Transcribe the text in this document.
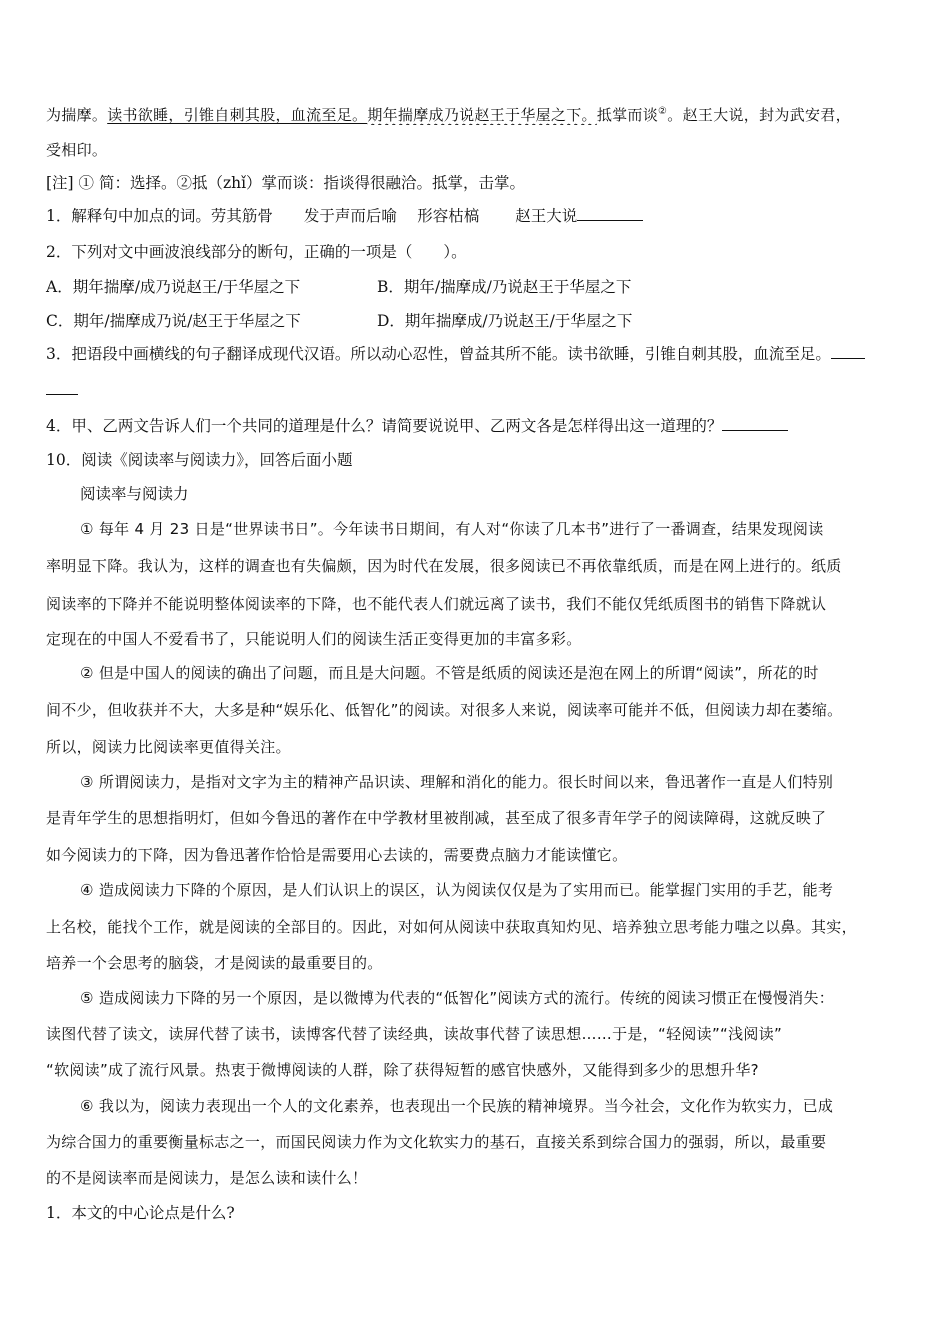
为揣摩。读书欲睡，引锥自刺其股，血流至足。期年揣摩成乃说赵王于华屋之下。抵掌而谈②。赵王大说，封为武安君，
受相印。
[注] ① 简：选择。②抵（zhǐ）掌而谈：指谈得很融洽。抵掌，击掌。
1．解释句中加点的词。劳其筋骨　　发于声而后喻　 形容枯槁　　 赵王大说
2．下列对文中画波浪线部分的断句，正确的一项是（　　）。
A．期年揣摩/成乃说赵王/于华屋之下	B．期年/揣摩成/乃说赵王于华屋之下
C．期年/揣摩成乃说/赵王于华屋之下	D．期年揣摩成/乃说赵王/于华屋之下
3．把语段中画横线的句子翻译成现代汉语。所以动心忍性，曾益其所不能。读书欲睡，引锥自刺其股，血流至足。
4．甲、乙两文告诉人们一个共同的道理是什么？请简要说说甲、乙两文各是怎样得出这一道理的？
10．阅读《阅读率与阅读力》，回答后面小题
阅读率与阅读力
① 每年 4 月 23 日是“世界读书日”。今年读书日期间，有人对“你读了几本书”进行了一番调查，结果发现阅读
率明显下降。我认为，这样的调查也有失偏颇，因为时代在发展，很多阅读已不再依靠纸质，而是在网上进行的。纸质
阅读率的下降并不能说明整体阅读率的下降，也不能代表人们就远离了读书，我们不能仅凭纸质图书的销售下降就认
定现在的中国人不爱看书了，只能说明人们的阅读生活正变得更加的丰富多彩。
② 但是中国人的阅读的确出了问题，而且是大问题。不管是纸质的阅读还是泡在网上的所谓“阅读”，所花的时
间不少，但收获并不大，大多是种“娱乐化、低智化”的阅读。对很多人来说，阅读率可能并不低，但阅读力却在萎缩。
所以，阅读力比阅读率更值得关注。
③ 所谓阅读力，是指对文字为主的精神产品识读、理解和消化的能力。很长时间以来，鲁迅著作一直是人们特别
是青年学生的思想指明灯，但如今鲁迅的著作在中学教材里被削减，甚至成了很多青年学子的阅读障碍，这就反映了
如今阅读力的下降，因为鲁迅著作恰恰是需要用心去读的，需要费点脑力才能读懂它。
④ 造成阅读力下降的个原因，是人们认识上的误区，认为阅读仅仅是为了实用而已。能掌握门实用的手艺，能考
上名校，能找个工作，就是阅读的全部目的。因此，对如何从阅读中获取真知灼见、培养独立思考能力嗤之以鼻。其实，
培养一个会思考的脑袋，才是阅读的最重要目的。
⑤ 造成阅读力下降的另一个原因，是以微博为代表的“低智化”阅读方式的流行。传统的阅读习惯正在慢慢消失：
读图代替了读文，读屏代替了读书，读博客代替了读经典，读故事代替了读思想……于是，“轻阅读”“浅阅读”
“软阅读”成了流行风景。热衷于微博阅读的人群，除了获得短暂的感官快感外，又能得到多少的思想升华?
⑥ 我以为，阅读力表现出一个人的文化素养，也表现出一个民族的精神境界。当今社会，文化作为软实力，已成
为综合国力的重要衡量标志之一，而国民阅读力作为文化软实力的基石，直接关系到综合国力的强弱，所以，最重要
的不是阅读率而是阅读力，是怎么读和读什么！
1．本文的中心论点是什么?
